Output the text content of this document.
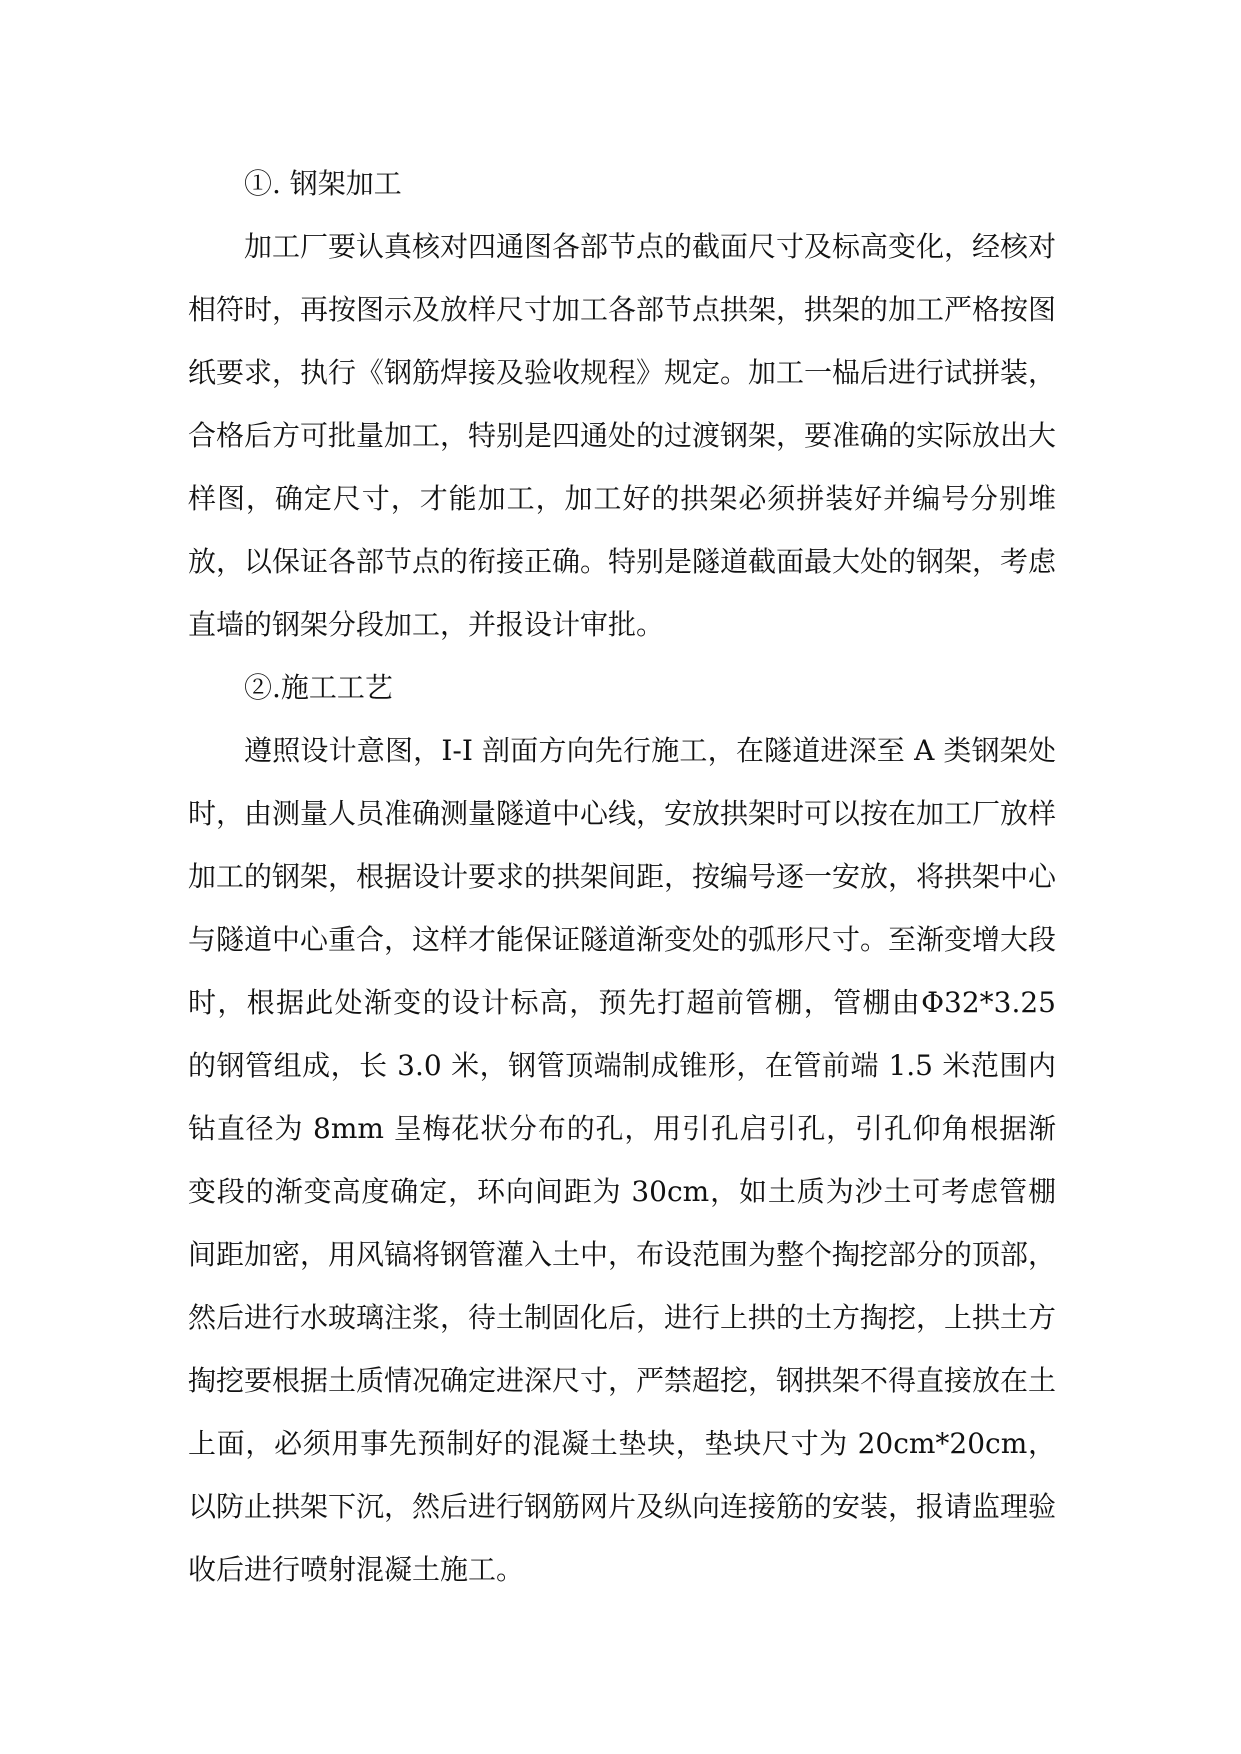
①. 钢架加工

加工厂要认真核对四通图各部节点的截面尺寸及标高变化，经核对相符时，再按图示及放样尺寸加工各部节点拱架，拱架的加工严格按图纸要求，执行《钢筋焊接及验收规程》规定。加工一榀后进行试拼装，合格后方可批量加工，特别是四通处的过渡钢架，要准确的实际放出大样图，确定尺寸，才能加工，加工好的拱架必须拼装好并编号分别堆放，以保证各部节点的衔接正确。特别是隧道截面最大处的钢架，考虑直墙的钢架分段加工，并报设计审批。

②.施工工艺

遵照设计意图，I-I 剖面方向先行施工，在隧道进深至 A 类钢架处时，由测量人员准确测量隧道中心线，安放拱架时可以按在加工厂放样加工的钢架，根据设计要求的拱架间距，按编号逐一安放，将拱架中心与隧道中心重合，这样才能保证隧道渐变处的弧形尺寸。至渐变增大段时，根据此处渐变的设计标高，预先打超前管棚，管棚由Φ32*3.25 的钢管组成，长 3.0 米，钢管顶端制成锥形，在管前端 1.5 米范围内钻直径为 8mm 呈梅花状分布的孔，用引孔启引孔，引孔仰角根据渐变段的渐变高度确定，环向间距为 30cm，如土质为沙土可考虑管棚间距加密，用风镐将钢管灌入土中，布设范围为整个掏挖部分的顶部，然后进行水玻璃注浆，待土制固化后，进行上拱的土方掏挖，上拱土方掏挖要根据土质情况确定进深尺寸，严禁超挖，钢拱架不得直接放在土上面，必须用事先预制好的混凝土垫块，垫块尺寸为 20cm*20cm，以防止拱架下沉，然后进行钢筋网片及纵向连接筋的安装，报请监理验收后进行喷射混凝土施工。
